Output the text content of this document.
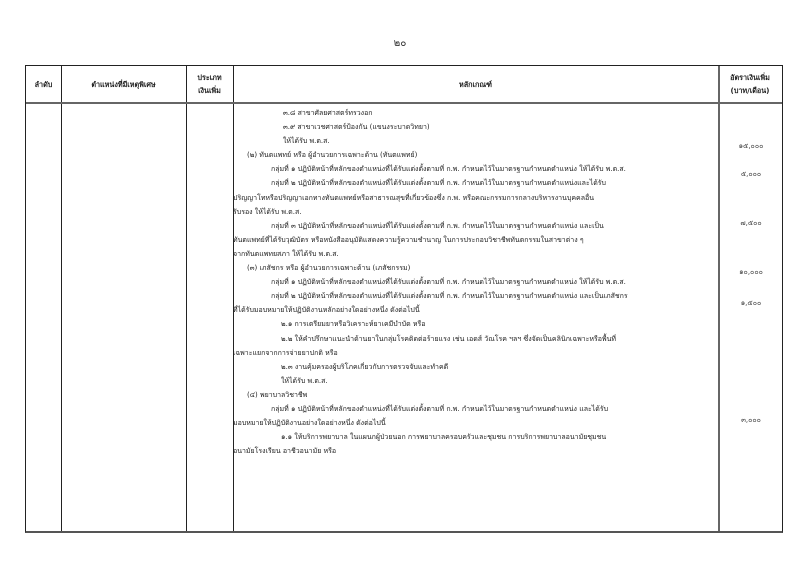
๒๐
ลำดับ	ตำแหน่งที่มีเหตุพิเศษ
ประเภท
เงินเพิ่ม
หลักเกณฑ์
อัตราเงินเพิ่ม
(บาท/เดือน)
๓.๘ สาขาศัลยศาสตร์ทรวงอก
๓.๙ สาขาเวชศาสตร์ป้องกัน (แขนงระบาดวิทยา)
ให้ได้รับ พ.ต.ส.
(๒) ทันตแพทย์ หรือ ผู้อำนวยการเฉพาะด้าน (ทันตแพทย์)
กลุ่มที่ ๑ ปฏิบัติหน้าที่หลักของตำแหน่งที่ได้รับแต่งตั้งตามที่ ก.พ. กำหนดไว้ในมาตรฐานกำหนดตำแหน่ง ให้ได้รับ พ.ต.ส.
กลุ่มที่ ๒ ปฏิบัติหน้าที่หลักของตำแหน่งที่ได้รับแต่งตั้งตามที่ ก.พ. กำหนดไว้ในมาตรฐานกำหนดตำแหน่งและได้รับ
ปริญญาโทหรือปริญญาเอกทางทันตแพทย์หรือสาธารณสุขที่เกี่ยวข้องซึ่ง ก.พ. หรือคณะกรรมการกลางบริหารงานบุคคลอื่น
รับรอง ให้ได้รับ พ.ต.ส.
กลุ่มที่ ๓ ปฏิบัติหน้าที่หลักของตำแหน่งที่ได้รับแต่งตั้งตามที่ ก.พ. กำหนดไว้ในมาตรฐานกำหนดตำแหน่ง และเป็น
ทันตแพทย์ที่ได้รับวุฒิบัตร หรือหนังสืออนุมัติแสดงความรู้ความชำนาญ ในการประกอบวิชาชีพทันตกรรมในสาขาต่าง ๆ
จากทันตแพทยสภา ให้ได้รับ พ.ต.ส.
(๓) เภสัชกร หรือ ผู้อำนวยการเฉพาะด้าน (เภสัชกรรม)
กลุ่มที่ ๑ ปฏิบัติหน้าที่หลักของตำแหน่งที่ได้รับแต่งตั้งตามที่ ก.พ. กำหนดไว้ในมาตรฐานกำหนดตำแหน่ง ให้ได้รับ พ.ต.ส.
กลุ่มที่ ๒ ปฏิบัติหน้าที่หลักของตำแหน่งที่ได้รับแต่งตั้งตามที่ ก.พ. กำหนดไว้ในมาตรฐานกำหนดตำแหน่ง และเป็นเภสัชกร
ที่ได้รับมอบหมายให้ปฏิบัติงานหลักอย่างใดอย่างหนึ่ง ดังต่อไปนี้
๒.๑ การเตรียมยาหรือวิเคราะห์ยาเคมีบำบัด หรือ
๒.๒ ให้คำปรึกษาแนะนำด้านยาในกลุ่มโรคติดต่อร้ายแรง เช่น เอดส์ วัณโรค ฯลฯ ซึ่งจัดเป็นคลินิกเฉพาะหรือพื้นที่
เฉพาะแยกจากการจ่ายยาปกติ หรือ
๒.๓ งานคุ้มครองผู้บริโภคเกี่ยวกับการตรวจจับและทำคดี
ให้ได้รับ พ.ต.ส.
(๔) พยาบาลวิชาชีพ
กลุ่มที่ ๑ ปฏิบัติหน้าที่หลักของตำแหน่งที่ได้รับแต่งตั้งตามที่ ก.พ. กำหนดไว้ในมาตรฐานกำหนดตำแหน่ง และได้รับ
มอบหมายให้ปฏิบัติงานอย่างใดอย่างหนึ่ง ดังต่อไปนี้
๑.๑ ให้บริการพยาบาล ในแผนกผู้ป่วยนอก การพยาบาลครอบครัวและชุมชน การบริการพยาบาลอนามัยชุมชน
อนามัยโรงเรียน อาชีวอนามัย หรือ
๑๕,๐๐๐
๕,๐๐๐
๗,๕๐๐
๑๐,๐๐๐
๑,๕๐๐
๓,๐๐๐
